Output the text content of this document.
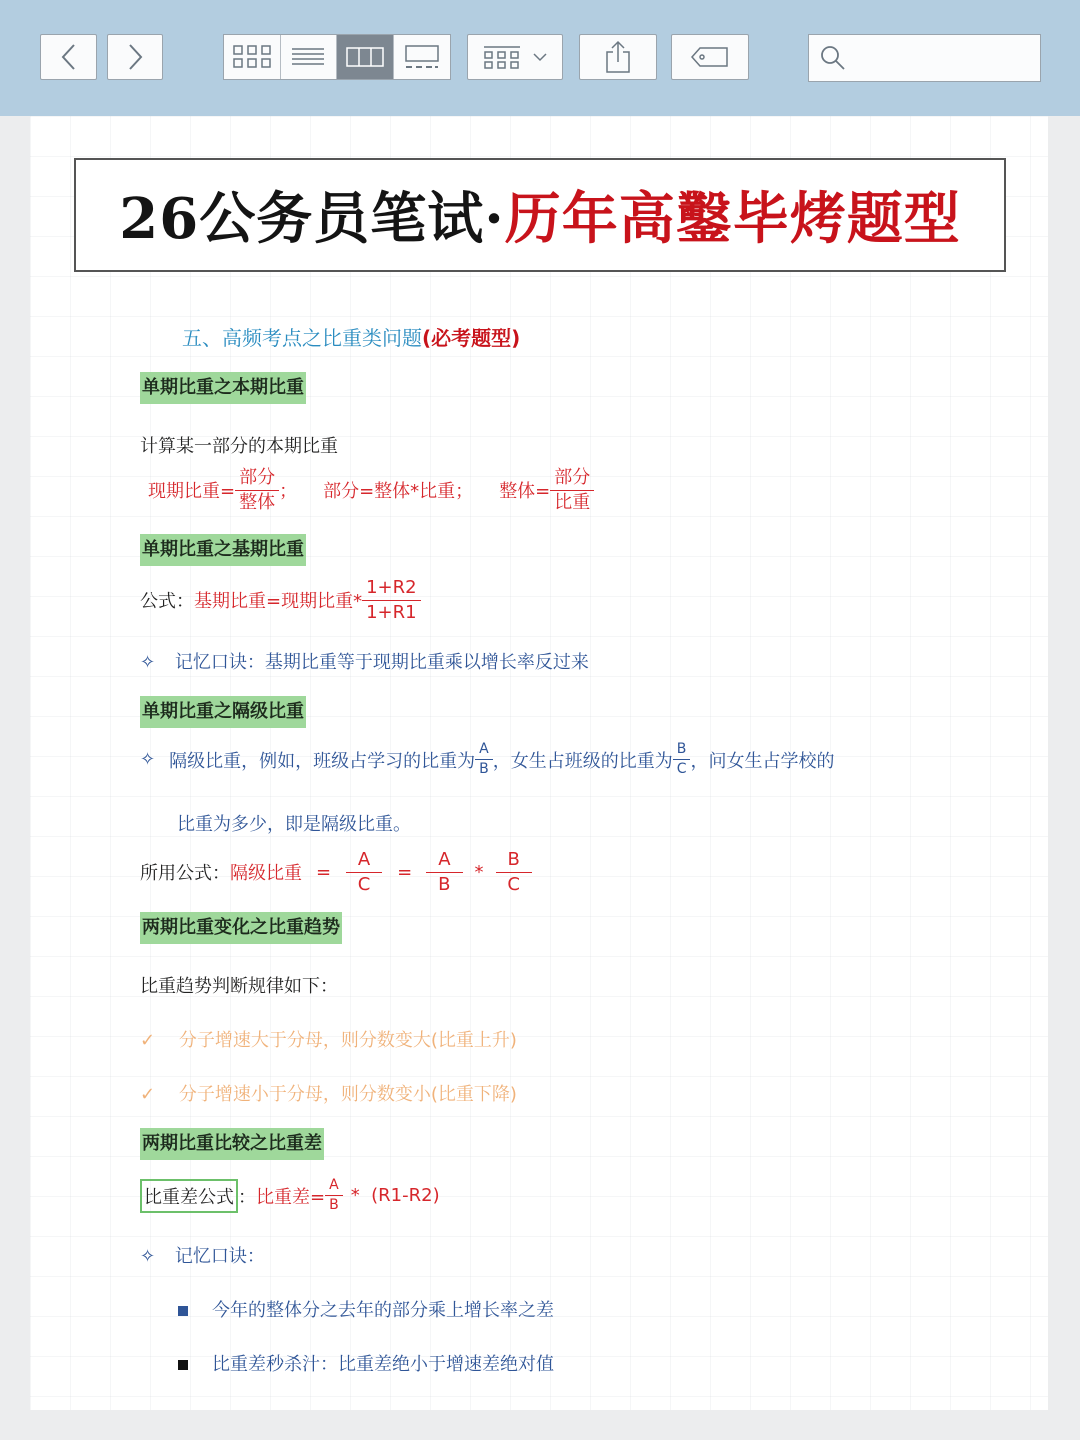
26公务员笔试· 历年高鑿毕烤题型
五、高频考点之比重类问题(必考题型)
单期比重之本期比重
计算某一部分的本期比重
现期比重= $\frac{\text{部分}}{\text{整体}}$ ； 部分=整体*比重； 整体= $\frac{\text{部分}}{\text{比重}}$
单期比重之基期比重
公式： 基期比重=现期比重* $\frac{1+R2}{1+R1}$
✧ 记忆口诀：基期比重等于现期比重乘以增长率反过来
单期比重之隔级比重
✧ 隔级比重，例如，班级占学习的比重为 $\frac{A}{B}$ ，女生占班级的比重为 $\frac{B}{C}$ ，问女生占学校的
比重为多少，即是隔级比重。
所用公式： 隔级比重 = $\frac{A}{C} = \frac{A}{B} * \frac{B}{C}$
两期比重变化之比重趋势
比重趋势判断规律如下：
✓ 分子增速大于分母，则分数变大(比重上升)
✓ 分子增速小于分母，则分数变小(比重下降)
两期比重比较之比重差
比重差公式 ： 比重差= $\frac{A}{B} * (R1-R2)$
✧ 记忆口诀：
今年的整体分之去年的部分乘上增长率之差
比重差秒杀汁：比重差绝小于增速差绝对值
